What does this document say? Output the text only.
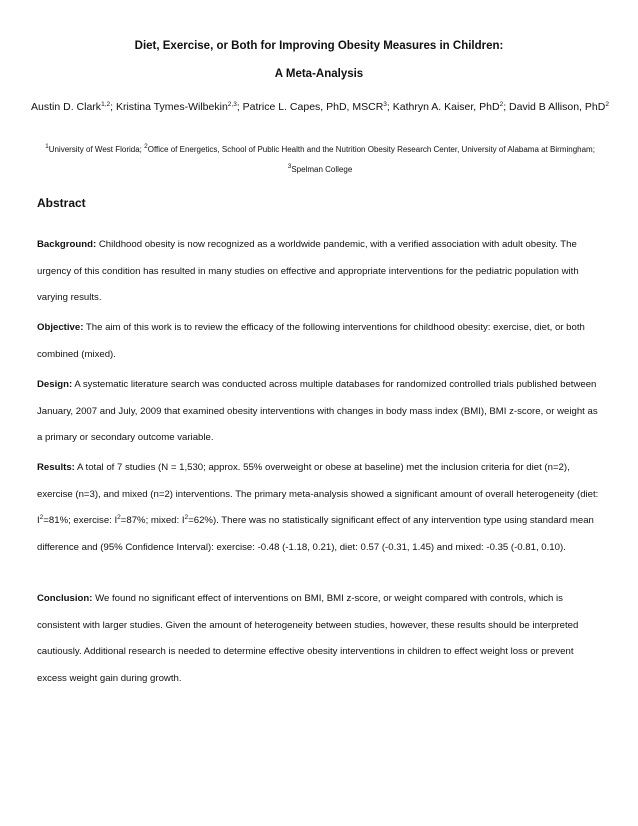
Diet, Exercise, or Both for Improving Obesity Measures in Children:
A Meta-Analysis
Austin D. Clark$^{1,2}$; Kristina Tymes-Wilbekin$^{2,3}$; Patrice L. Capes, PhD, MSCR$^3$; Kathryn A. Kaiser, PhD$^2$; David B Allison, PhD$^2$
$^1$University of West Florida; $^2$Office of Energetics, School of Public Health and the Nutrition Obesity Research Center, University of Alabama at Birmingham; $^3$Spelman College
Abstract
Background: Childhood obesity is now recognized as a worldwide pandemic, with a verified association with adult obesity. The urgency of this condition has resulted in many studies on effective and appropriate interventions for the pediatric population with varying results.
Objective: The aim of this work is to review the efficacy of the following interventions for childhood obesity: exercise, diet, or both combined (mixed).
Design: A systematic literature search was conducted across multiple databases for randomized controlled trials published between January, 2007 and July, 2009 that examined obesity interventions with changes in body mass index (BMI), BMI z-score, or weight as a primary or secondary outcome variable.
Results: A total of 7 studies (N = 1,530; approx. 55% overweight or obese at baseline) met the inclusion criteria for diet (n=2), exercise (n=3), and mixed (n=2) interventions. The primary meta-analysis showed a significant amount of overall heterogeneity (diet: $I^2=81\%$; exercise: $I^2=87\%$; mixed: $I^2=62\%$). There was no statistically significant effect of any intervention type using standard mean difference and (95% Confidence Interval): exercise: -0.48 (-1.18, 0.21), diet: 0.57 (-0.31, 1.45) and mixed: -0.35 (-0.81, 0.10).
Conclusion: We found no significant effect of interventions on BMI, BMI z-score, or weight compared with controls, which is consistent with larger studies. Given the amount of heterogeneity between studies, however, these results should be interpreted cautiously. Additional research is needed to determine effective obesity interventions in children to effect weight loss or prevent excess weight gain during growth.
